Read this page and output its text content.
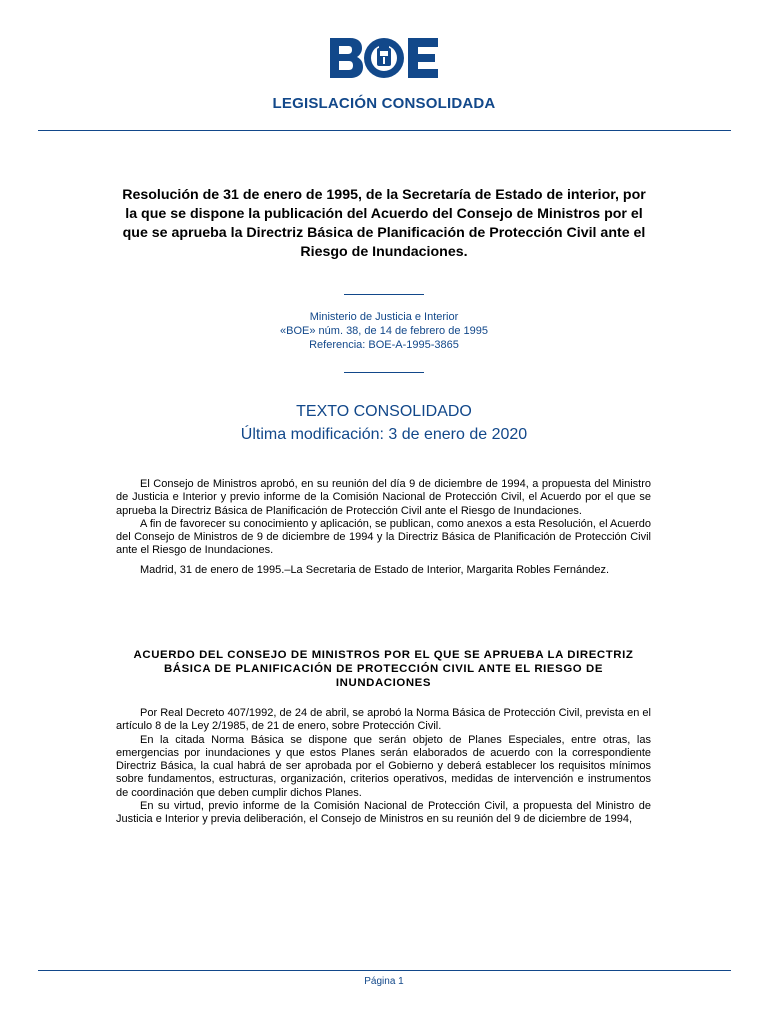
LEGISLACIÓN CONSOLIDADA
Resolución de 31 de enero de 1995, de la Secretaría de Estado de interior, por la que se dispone la publicación del Acuerdo del Consejo de Ministros por el que se aprueba la Directriz Básica de Planificación de Protección Civil ante el Riesgo de Inundaciones.
Ministerio de Justicia e Interior
«BOE» núm. 38, de 14 de febrero de 1995
Referencia: BOE-A-1995-3865
TEXTO CONSOLIDADO
Última modificación: 3 de enero de 2020

El Consejo de Ministros aprobó, en su reunión del día 9 de diciembre de 1994, a propuesta del Ministro de Justicia e Interior y previo informe de la Comisión Nacional de Protección Civil, el Acuerdo por el que se aprueba la Directriz Básica de Planificación de Protección Civil ante el Riesgo de Inundaciones.

A fin de favorecer su conocimiento y aplicación, se publican, como anexos a esta Resolución, el Acuerdo del Consejo de Ministros de 9 de diciembre de 1994 y la Directriz Básica de Planificación de Protección Civil ante el Riesgo de Inundaciones.

Madrid, 31 de enero de 1995.–La Secretaria de Estado de Interior, Margarita Robles Fernández.

ACUERDO DEL CONSEJO DE MINISTROS POR EL QUE SE APRUEBA LA DIRECTRIZ BÁSICA DE PLANIFICACIÓN DE PROTECCIÓN CIVIL ANTE EL RIESGO DE INUNDACIONES

Por Real Decreto 407/1992, de 24 de abril, se aprobó la Norma Básica de Protección Civil, prevista en el artículo 8 de la Ley 2/1985, de 21 de enero, sobre Protección Civil.

En la citada Norma Básica se dispone que serán objeto de Planes Especiales, entre otras, las emergencias por inundaciones y que estos Planes serán elaborados de acuerdo con la correspondiente Directriz Básica, la cual habrá de ser aprobada por el Gobierno y deberá establecer los requisitos mínimos sobre fundamentos, estructuras, organización, criterios operativos, medidas de intervención e instrumentos de coordinación que deben cumplir dichos Planes.

En su virtud, previo informe de la Comisión Nacional de Protección Civil, a propuesta del Ministro de Justicia e Interior y previa deliberación, el Consejo de Ministros en su reunión del 9 de diciembre de 1994,

Página 1
